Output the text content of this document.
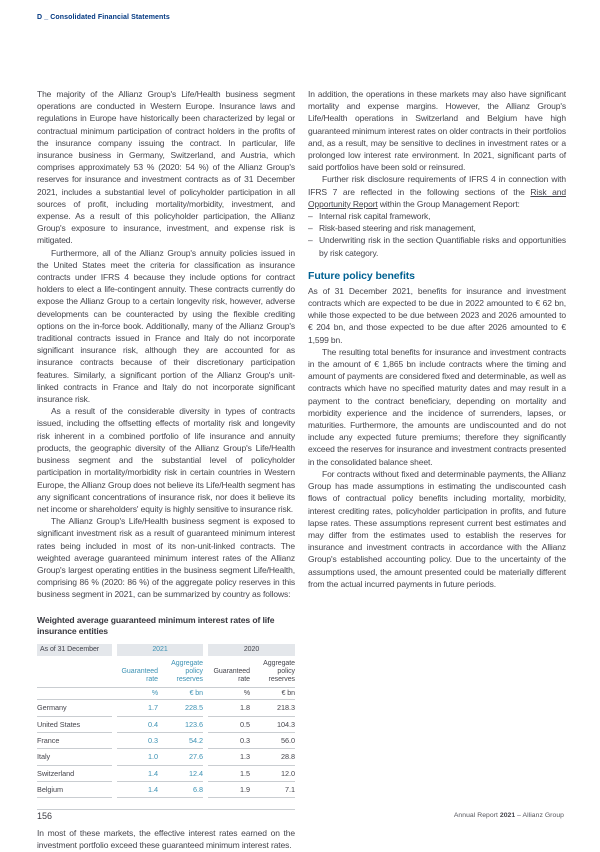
D _ Consolidated Financial Statements

The majority of the Allianz Group's Life/Health business segment operations are conducted in Western Europe. Insurance laws and regulations in Europe have historically been characterized by legal or contractual minimum participation of contract holders in the profits of the insurance company issuing the contract. In particular, life insurance business in Germany, Switzerland, and Austria, which comprises approximately 53 % (2020: 54 %) of the Allianz Group's reserves for insurance and investment contracts as of 31 December 2021, includes a substantial level of policyholder participation in all sources of profit, including mortality/morbidity, investment, and expense. As a result of this policyholder participation, the Allianz Group's exposure to insurance, investment, and expense risk is mitigated.

Furthermore, all of the Allianz Group's annuity policies issued in the United States meet the criteria for classification as insurance contracts under IFRS 4 because they include options for contract holders to elect a life-contingent annuity. These contracts currently do expose the Allianz Group to a certain longevity risk, however, adverse developments can be counteracted by using the flexible crediting options on the in-force book. Additionally, many of the Allianz Group's traditional contracts issued in France and Italy do not incorporate significant insurance risk, although they are accounted for as insurance contracts because of their discretionary participation features. Similarly, a significant portion of the Allianz Group's unit-linked contracts in France and Italy do not incorporate significant insurance risk.

As a result of the considerable diversity in types of contracts issued, including the offsetting effects of mortality risk and longevity risk inherent in a combined portfolio of life insurance and annuity products, the geographic diversity of the Allianz Group's Life/Health business segment and the substantial level of policyholder participation in mortality/morbidity risk in certain countries in Western Europe, the Allianz Group does not believe its Life/Health segment has any significant concentrations of insurance risk, nor does it believe its net income or shareholders' equity is highly sensitive to insurance risk.

The Allianz Group's Life/Health business segment is exposed to significant investment risk as a result of guaranteed minimum interest rates being included in most of its non-unit-linked contracts. The weighted average guaranteed minimum interest rates of the Allianz Group's largest operating entities in the business segment Life/Health, comprising 86 % (2020: 86 %) of the aggregate policy reserves in this business segment in 2021, can be summarized by country as follows:

Weighted average guaranteed minimum interest rates of life insurance entities
As of 31 December	2021	2020
Guaranteed rate
Aggregate policy reserves
Guaranteed rate
Aggregate policy reserves
%	€ bn	%	€ bn
Germany	1.7	228.5	1.8	218.3
United States	0.4	123.6	0.5	104.3
France	0.3	54.2	0.3	56.0
Italy	1.0	27.6	1.3	28.8
Switzerland	1.4	12.4	1.5	12.0
Belgium	1.4	6.8	1.9	7.1

In most of these markets, the effective interest rates earned on the investment portfolio exceed these guaranteed minimum interest rates.

In addition, the operations in these markets may also have significant mortality and expense margins. However, the Allianz Group's Life/Health operations in Switzerland and Belgium have high guaranteed minimum interest rates on older contracts in their portfolios and, as a result, may be sensitive to declines in investment rates or a prolonged low interest rate environment. In 2021, significant parts of said portfolios have been sold or reinsured.

Further risk disclosure requirements of IFRS 4 in connection with IFRS 7 are reflected in the following sections of the Risk and Opportunity Report within the Group Management Report:

– Internal risk capital framework,
– Risk-based steering and risk management,
– Underwriting risk in the section Quantifiable risks and opportunities by risk category.
Future policy benefits

As of 31 December 2021, benefits for insurance and investment contracts which are expected to be due in 2022 amounted to € 62 bn, while those expected to be due between 2023 and 2026 amounted to € 204 bn, and those expected to be due after 2026 amounted to € 1,599 bn.

The resulting total benefits for insurance and investment contracts in the amount of € 1,865 bn include contracts where the timing and amount of payments are considered fixed and determinable, as well as contracts which have no specified maturity dates and may result in a payment to the contract beneficiary, depending on mortality and morbidity experience and the incidence of surrenders, lapses, or maturities. Furthermore, the amounts are undiscounted and do not include any expected future premiums; therefore they significantly exceed the reserves for insurance and investment contracts presented in the consolidated balance sheet.

For contracts without fixed and determinable payments, the Allianz Group has made assumptions in estimating the undiscounted cash flows of contractual policy benefits including mortality, morbidity, interest crediting rates, policyholder participation in profits, and future lapse rates. These assumptions represent current best estimates and may differ from the estimates used to establish the reserves for insurance and investment contracts in accordance with the Allianz Group's established accounting policy. Due to the uncertainty of the assumptions used, the amount presented could be materially different from the actual incurred payments in future periods.

156	Annual Report 2021 – Allianz Group
